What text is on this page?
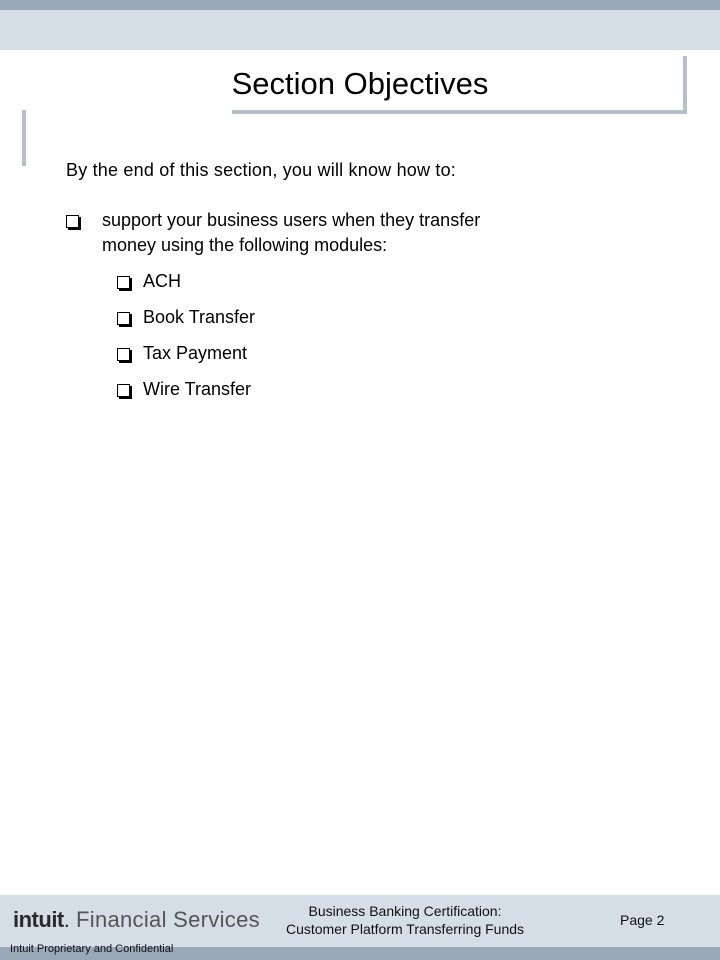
Section Objectives
By the end of this section, you will know how to:
support your business users when they transfer
money using the following modules:
ACH
Book Transfer
Tax Payment
Wire Transfer
intuit. Financial Services	Business Banking Certification:
Customer Platform Transferring Funds
Page 2
Intuit Proprietary and Confidential
